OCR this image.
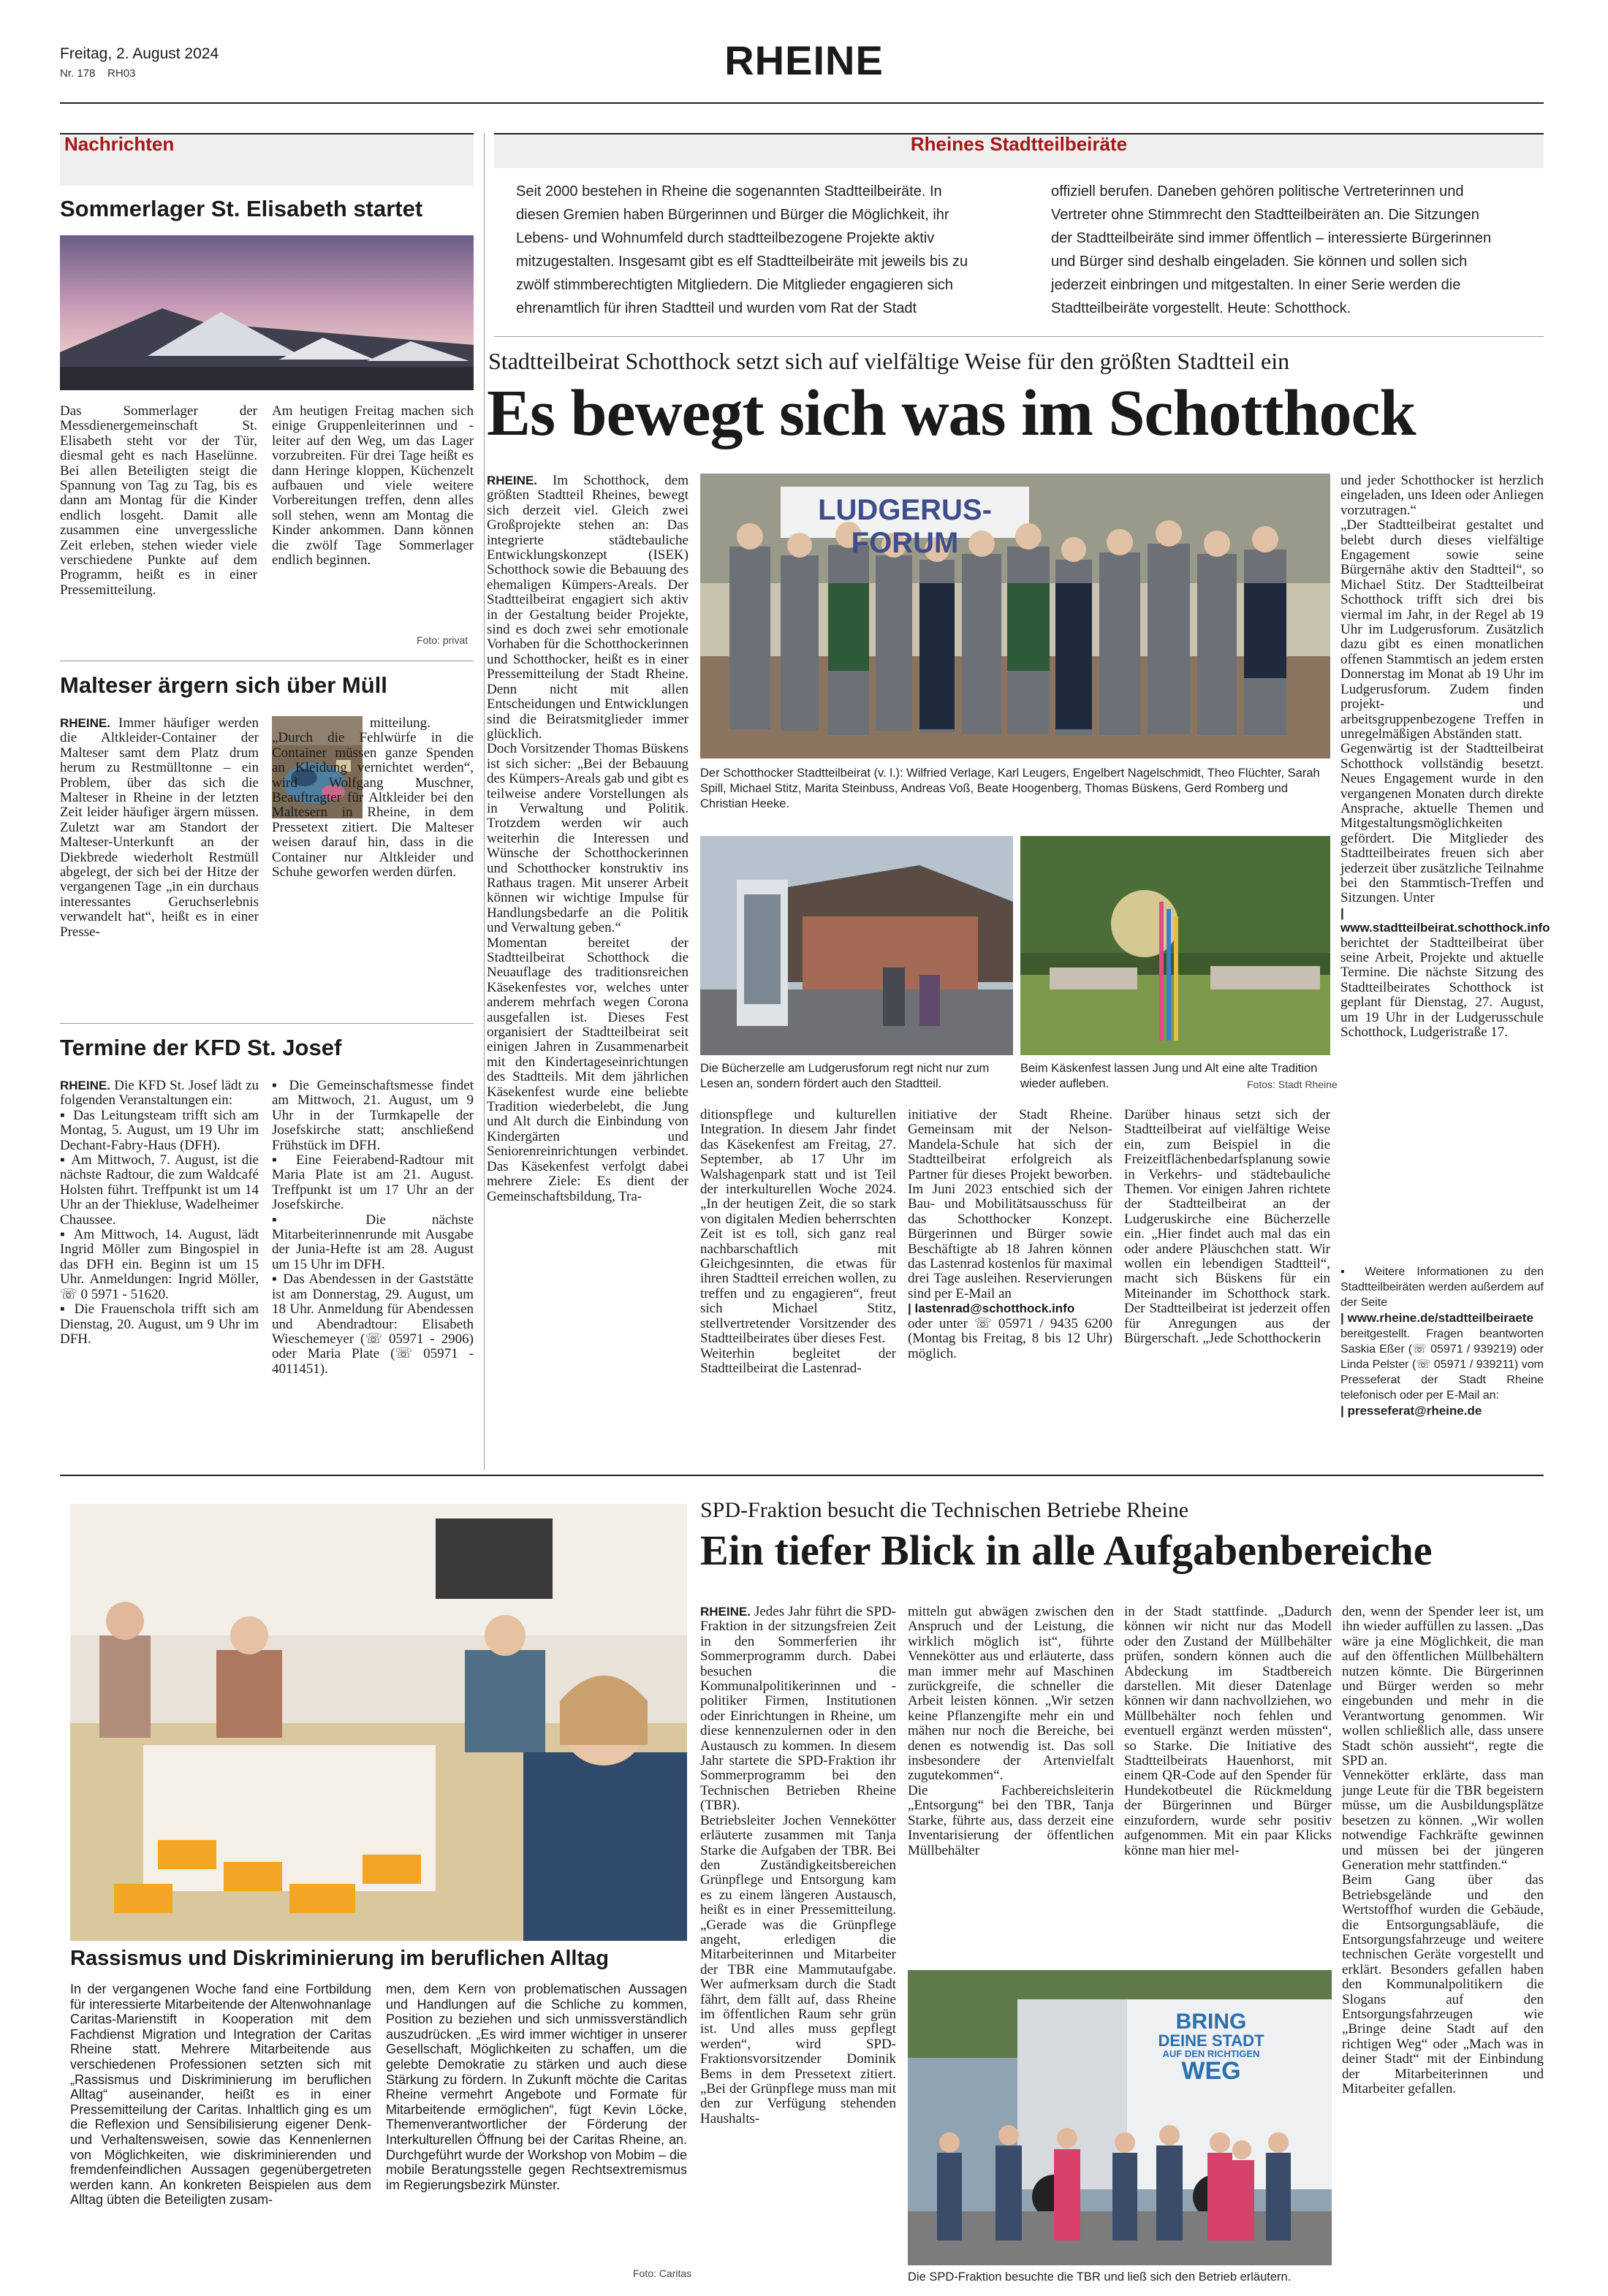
Freitag, 2. August 2024
Nr. 178    RH03	RHEINE
Nachrichten
Sommerlager St. Elisabeth startet
Das Sommerlager der Messdienergemeinschaft St. Elisabeth steht vor der Tür, diesmal geht es nach Haselünne. Bei allen Beteiligten steigt die Spannung von Tag zu Tag, bis es dann am Montag für die Kinder endlich losgeht. Damit alle zusammen eine unvergessliche Zeit erleben, stehen wieder viele verschiedene Punkte auf dem Programm, heißt es in einer Pressemitteilung.
Am heutigen Freitag machen sich einige Gruppenleiterinnen und -leiter auf den Weg, um das Lager vorzubreiten. Für drei Tage heißt es dann Heringe kloppen, Küchenzelt aufbauen und viele weitere Vorbereitungen treffen, denn alles soll stehen, wenn am Montag die Kinder ankommen. Dann können die zwölf Tage Sommerlager endlich beginnen.
Foto: privat
Malteser ärgern sich über Müll
RHEINE. Immer häufiger werden die Altkleider-Container der Malteser samt dem Platz drum herum zu Restmülltonne – ein Problem, über das sich die Malteser in Rheine in der letzten Zeit leider häufiger ärgern müssen. Zuletzt war am Standort der Malteser-Unterkunft an der Diekbrede wiederholt Restmüll abgelegt, der sich bei der Hitze der vergangenen Tage „in ein durchaus interessantes Geruchserlebnis verwandelt hat“, heißt es in einer Presse-
mitteilung. „Durch die Fehlwürfe in die Container müssen ganze Spenden an Kleidung vernichtet werden“, wird Wolfgang Muschner, Beauftragter für Altkleider bei den Maltesern in Rheine, in dem Pressetext zitiert. Die Malteser weisen darauf hin, dass in die Container nur Altkleider und Schuhe geworfen werden dürfen.
Termine der KFD St. Josef
RHEINE. Die KFD St. Josef lädt zu folgenden Veranstaltungen ein:
▪ Das Leitungsteam trifft sich am Montag, 5. August, um 19 Uhr im Dechant-Fabry-Haus (DFH).
▪ Am Mittwoch, 7. August, ist die nächste Radtour, die zum Waldcafé Holsten führt. Treffpunkt ist um 14 Uhr an der Thiekluse, Wadelheimer Chaussee.
▪ Am Mittwoch, 14. August, lädt Ingrid Möller zum Bingospiel in das DFH ein. Beginn ist um 15 Uhr. Anmeldungen: Ingrid Möller, ☏ 0 5971 - 51620.
▪ Die Frauenschola trifft sich am Dienstag, 20. August, um 9 Uhr im DFH.
▪ Die Gemeinschaftsmesse findet am Mittwoch, 21. August, um 9 Uhr in der Turmkapelle der Josefskirche statt; anschließend Frühstück im DFH.
▪ Eine Feierabend-Radtour mit Maria Plate ist am 21. August. Treffpunkt ist um 17 Uhr an der Josefskirche.
▪ Die nächste Mitarbeiterinnenrunde mit Ausgabe der Junia-Hefte ist am 28. August um 15 Uhr im DFH.
▪ Das Abendessen in der Gaststätte ist am Donnerstag, 29. August, um 18 Uhr. Anmeldung für Abendessen und Abendradtour: Elisabeth Wieschemeyer (☏ 05971 - 2906) oder Maria Plate (☏ 05971 - 4011451).
Rheines Stadtteilbeiräte
Seit 2000 bestehen in Rheine die sogenannten Stadtteilbeiräte. In diesen Gremien haben Bürgerinnen und Bürger die Möglichkeit, ihr Lebens- und Wohnumfeld durch stadtteilbezogene Projekte aktiv mitzugestalten. Insgesamt gibt es elf Stadtteilbeiräte mit jeweils bis zu zwölf stimmberechtigten Mitgliedern. Die Mitglieder engagieren sich ehrenamtlich für ihren Stadtteil und wurden vom Rat der Stadt
offiziell berufen. Daneben gehören politische Vertreterinnen und Vertreter ohne Stimmrecht den Stadtteilbeiräten an. Die Sitzungen der Stadtteilbeiräte sind immer öffentlich – interessierte Bürgerinnen und Bürger sind deshalb eingeladen. Sie können und sollen sich jederzeit einbringen und mitgestalten. In einer Serie werden die Stadtteilbeiräte vorgestellt. Heute: Schotthock.
Stadtteilbeirat Schotthock setzt sich auf vielfältige Weise für den größten Stadtteil ein
Es bewegt sich was im Schotthock
RHEINE. Im Schotthock, dem größten Stadtteil Rheines, bewegt sich derzeit viel. Gleich zwei Großprojekte stehen an: Das integrierte städtebauliche Entwicklungskonzept (ISEK) Schotthock sowie die Bebauung des ehemaligen Kümpers-Areals. Der Stadtteilbeirat engagiert sich aktiv in der Gestaltung beider Projekte, sind es doch zwei sehr emotionale Vorhaben für die Schotthockerinnen und Schotthocker, heißt es in einer Pressemitteilung der Stadt Rheine. Denn nicht mit allen Entscheidungen und Entwicklungen sind die Beiratsmitglieder immer glücklich.
Doch Vorsitzender Thomas Büskens ist sich sicher: „Bei der Bebauung des Kümpers-Areals gab und gibt es teilweise andere Vorstellungen als in Verwaltung und Politik. Trotzdem werden wir auch weiterhin die Interessen und Wünsche der Schotthockerinnen und Schotthocker konstruktiv ins Rathaus tragen. Mit unserer Arbeit können wir wichtige Impulse für Handlungsbedarfe an die Politik und Verwaltung geben.“
Momentan bereitet der Stadtteilbeirat Schotthock die Neuauflage des traditionsreichen Käsekenfestes vor, welches unter anderem mehrfach wegen Corona ausgefallen ist. Dieses Fest organisiert der Stadtteilbeirat seit einigen Jahren in Zusammenarbeit mit den Kindertageseinrichtungen des Stadtteils. Mit dem jährlichen Käsekenfest wurde eine beliebte Tradition wiederbelebt, die Jung und Alt durch die Einbindung von Kindergärten und Seniorenreinrichtungen verbindet. Das Käsekenfest verfolgt dabei mehrere Ziele: Es dient der Gemeinschaftsbildung, Tra-
LUDGERUS-FORUM
Der Schotthocker Stadtteilbeirat (v. l.): Wilfried Verlage, Karl Leugers, Engelbert Nagelschmidt, Theo Flüchter, Sarah Spill, Michael Stitz, Marita Steinbuss, Andreas Voß, Beate Hoogenberg, Thomas Büskens, Gerd Romberg und Christian Heeke.
Die Bücherzelle am Ludgerusforum regt nicht nur zum Lesen an, sondern fördert auch den Stadtteil.
Beim Käskenfest lassen Jung und Alt eine alte Tradition wieder aufleben.	Fotos: Stadt Rheine
ditionspflege und kulturellen Integration. In diesem Jahr findet das Käsekenfest am Freitag, 27. September, ab 17 Uhr im Walshagenpark statt und ist Teil der interkulturellen Woche 2024. „In der heutigen Zeit, die so stark von digitalen Medien beherrschten Zeit ist es toll, sich ganz real nachbarschaftlich mit Gleichgesinnten, die etwas für ihren Stadtteil erreichen wollen, zu treffen und zu engagieren“, freut sich Michael Stitz, stellvertretender Vorsitzender des Stadtteilbeirates über dieses Fest.
Weiterhin begleitet der Stadtteilbeirat die Lastenrad-
initiative der Stadt Rheine. Gemeinsam mit der Nelson-Mandela-Schule hat sich der Stadtteilbeirat erfolgreich als Partner für dieses Projekt beworben. Im Juni 2023 entschied sich der Bau- und Mobilitätsausschuss für das Schotthocker Konzept. Bürgerinnen und Bürger sowie Beschäftigte ab 18 Jahren können das Lastenrad kostenlos für maximal drei Tage ausleihen. Reservierungen sind per E-Mail an
| lastenrad@schotthock.info
oder unter ☏ 05971 / 9435 6200 (Montag bis Freitag, 8 bis 12 Uhr) möglich.
Darüber hinaus setzt sich der Stadtteilbeirat auf vielfältige Weise ein, zum Beispiel in die Freizeitflächenbedarfsplanung sowie in Verkehrs- und städtebauliche Themen. Vor einigen Jahren richtete der Stadtteilbeirat an der Ludgeruskirche eine Bücherzelle ein. „Hier findet auch mal das ein oder andere Pläuschchen statt. Wir wollen ein lebendigen Stadtteil“, macht sich Büskens für ein Miteinander im Schotthock stark. Der Stadtteilbeirat ist jederzeit offen für Anregungen aus der Bürgerschaft. „Jede Schotthockerin
und jeder Schotthocker ist herzlich eingeladen, uns Ideen oder Anliegen vorzutragen.“
„Der Stadtteilbeirat gestaltet und belebt durch dieses vielfältige Engagement sowie seine Bürgernähe aktiv den Stadtteil“, so Michael Stitz. Der Stadtteilbeirat Schotthock trifft sich drei bis viermal im Jahr, in der Regel ab 19 Uhr im Ludgerusforum. Zusätzlich dazu gibt es einen monatlichen offenen Stammtisch an jedem ersten Donnerstag im Monat ab 19 Uhr im Ludgerusforum. Zudem finden projekt- und arbeitsgruppenbezogene Treffen in unregelmäßigen Abständen statt.
Gegenwärtig ist der Stadtteilbeirat Schotthock vollständig besetzt. Neues Engagement wurde in den vergangenen Monaten durch direkte Ansprache, aktuelle Themen und Mitgestaltungsmöglichkeiten gefördert. Die Mitglieder des Stadtteilbeirates freuen sich aber jederzeit über zusätzliche Teilnahme bei den Stammtisch-Treffen und Sitzungen. Unter
| www.stadtteilbeirat.schotthock.info
berichtet der Stadtteilbeirat über seine Arbeit, Projekte und aktuelle Termine. Die nächste Sitzung des Stadtteilbeirates Schotthock ist geplant für Dienstag, 27. August, um 19 Uhr in der Ludgerusschule Schotthock, Ludgeristraße 17.
▪ Weitere Informationen zu den Stadtteilbeiräten werden außerdem auf der Seite
| www.rheine.de/stadtteilbeiraete
bereitgestellt. Fragen beantworten Saskia Eßer (☏ 05971 / 939219) oder Linda Pelster (☏ 05971 / 939211) vom Presseferat der Stadt Rheine telefonisch oder per E-Mail an:
| presseferat@rheine.de
Rassismus und Diskriminierung im beruflichen Alltag
In der vergangenen Woche fand eine Fortbildung für interessierte Mitarbeitende der Altenwohnanlage Caritas-Marienstift in Kooperation mit dem Fachdienst Migration und Integration der Caritas Rheine statt. Mehrere Mitarbeitende aus verschiedenen Professionen setzten sich mit „Rassismus und Diskriminierung im beruflichen Alltag“ auseinander, heißt es in einer Pressemitteilung der Caritas. Inhaltlich ging es um die Reflexion und Sensibilisierung eigener Denk- und Verhaltensweisen, sowie das Kennenlernen von Möglichkeiten, wie diskriminierenden und fremdenfeindlichen Aussagen gegenübergetreten werden kann. An konkreten Beispielen aus dem Alltag übten die Beteiligten zusam-
men, dem Kern von problematischen Aussagen und Handlungen auf die Schliche zu kommen, Position zu beziehen und sich unmissverständlich auszudrücken. „Es wird immer wichtiger in unserer Gesellschaft, Möglichkeiten zu schaffen, um die gelebte Demokratie zu stärken und auch diese Stärkung zu fördern. In Zukunft möchte die Caritas Rheine vermehrt Angebote und Formate für Mitarbeitende ermöglichen“, fügt Kevin Löcke, Themenverantwortlicher der Förderung der Interkulturellen Öffnung bei der Caritas Rheine, an. Durchgeführt wurde der Workshop von Mobim – die mobile Beratungsstelle gegen Rechtsextremismus im Regierungsbezirk Münster.
Foto: Caritas
SPD-Fraktion besucht die Technischen Betriebe Rheine
Ein tiefer Blick in alle Aufgabenbereiche
RHEINE. Jedes Jahr führt die SPD-Fraktion in der sitzungsfreien Zeit in den Sommerferien ihr Sommerprogramm durch. Dabei besuchen die Kommunalpolitikerinnen und -politiker Firmen, Institutionen oder Einrichtungen in Rheine, um diese kennenzulernen oder in den Austausch zu kommen. In diesem Jahr startete die SPD-Fraktion ihr Sommerprogramm bei den Technischen Betrieben Rheine (TBR).
Betriebsleiter Jochen Vennekötter erläuterte zusammen mit Tanja Starke die Aufgaben der TBR. Bei den Zuständigkeitsbereichen Grünpflege und Entsorgung kam es zu einem längeren Austausch, heißt es in einer Pressemitteilung. „Gerade was die Grünpflege angeht, erledigen die Mitarbeiterinnen und Mitarbeiter der TBR eine Mammutaufgabe. Wer aufmerksam durch die Stadt fährt, dem fällt auf, dass Rheine im öffentlichen Raum sehr grün ist. Und alles muss gepflegt werden“, wird SPD-Fraktionsvorsitzender Dominik Bems in dem Pressetext zitiert. „Bei der Grünpflege muss man mit den zur Verfügung stehenden Haushalts-
mitteln gut abwägen zwischen den Anspruch und der Leistung, die wirklich möglich ist“, führte Vennekötter aus und erläuterte, dass man immer mehr auf Maschinen zurückgreife, die schneller die Arbeit leisten können. „Wir setzen keine Pflanzengifte mehr ein und mähen nur noch die Bereiche, bei denen es notwendig ist. Das soll insbesondere der Artenvielfalt zugutekommen“.
Die Fachbereichsleiterin „Entsorgung“ bei den TBR, Tanja Starke, führte aus, dass derzeit eine Inventarisierung der öffentlichen Müllbehälter
in der Stadt stattfinde. „Dadurch können wir nicht nur das Modell oder den Zustand der Müllbehälter prüfen, sondern können auch die Abdeckung im Stadtbereich darstellen. Mit dieser Datenlage können wir dann nachvollziehen, wo Müllbehälter noch fehlen und eventuell ergänzt werden müssten“, so Starke. Die Initiative des Stadtteilbeirats Hauenhorst, mit einem QR-Code auf den Spender für Hundekotbeutel die Rückmeldung der Bürgerinnen und Bürger einzufordern, wurde sehr positiv aufgenommen. Mit ein paar Klicks könne man hier mel-
den, wenn der Spender leer ist, um ihn wieder auffüllen zu lassen. „Das wäre ja eine Möglichkeit, die man auf den öffentlichen Müllbehältern nutzen könnte. Die Bürgerinnen und Bürger werden so mehr eingebunden und mehr in die Verantwortung genommen. Wir wollen schließlich alle, dass unsere Stadt schön aussieht“, regte die SPD an.
Vennekötter erklärte, dass man junge Leute für die TBR begeistern müsse, um die Ausbildungsplätze besetzen zu können. „Wir wollen notwendige Fachkräfte gewinnen und müssen bei der jüngeren Generation mehr stattfinden.“
Beim Gang über das Betriebsgelände und den Wertstoffhof wurden die Gebäude, die Entsorgungsabläufe, die Entsorgungsfahrzeuge und weitere technischen Geräte vorgestellt und erklärt. Besonders gefallen haben den Kommunalpolitikern die Slogans auf den Entsorgungsfahrzeugen wie „Bringe deine Stadt auf den richtigen Weg“ oder „Mach was in deiner Stadt“ mit der Einbindung der Mitarbeiterinnen und Mitarbeiter gefallen.
BRING
DEINE STADT
AUF DEN RICHTIGEN
WEG
Die SPD-Fraktion besuchte die TBR und ließ sich den Betrieb erläutern.
